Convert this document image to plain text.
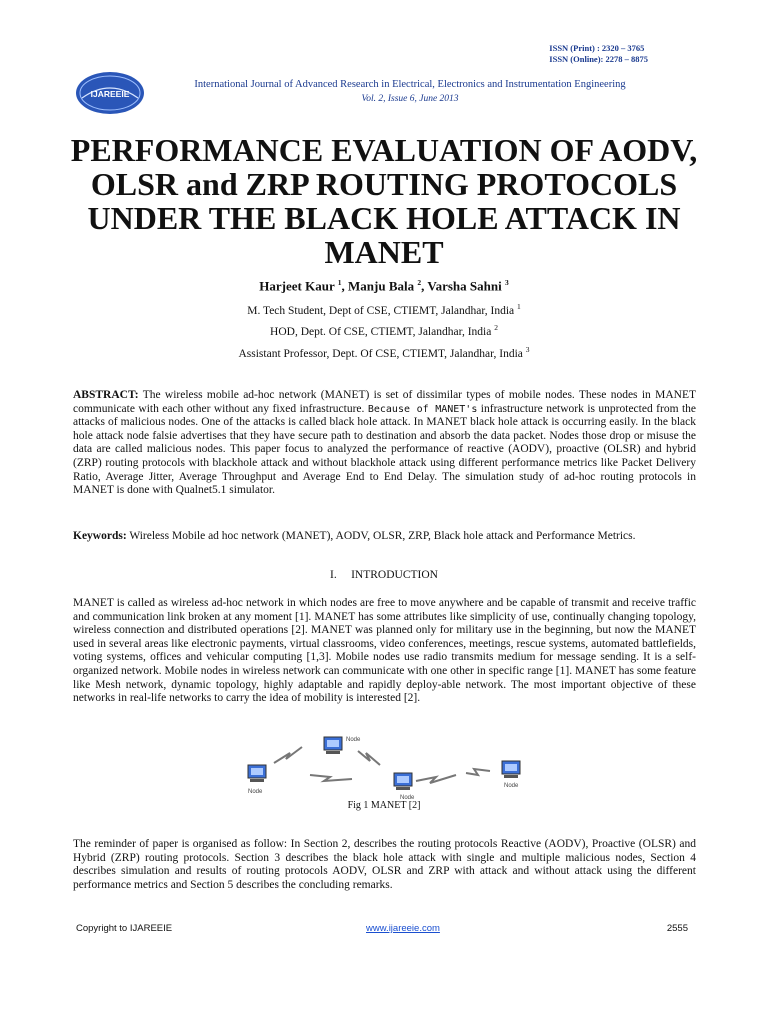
ISSN (Print) : 2320 – 3765
ISSN (Online): 2278 – 8875
IJAREEIE
International Journal of Advanced Research in Electrical, Electronics and Instrumentation Engineering
Vol. 2, Issue 6, June 2013
PERFORMANCE EVALUATION OF AODV, OLSR and ZRP ROUTING PROTOCOLS UNDER THE BLACK HOLE ATTACK IN MANET
Harjeet Kaur $^1$, Manju Bala $^2$, Varsha Sahni $^3$
M. Tech Student, Dept of CSE, CTIEMT, Jalandhar, India $^1$
HOD, Dept. Of CSE, CTIEMT, Jalandhar, India $^2$
Assistant Professor, Dept. Of CSE, CTIEMT, Jalandhar, India $^3$
ABSTRACT: The wireless mobile ad-hoc network (MANET) is set of dissimilar types of mobile nodes. These nodes in MANET communicate with each other without any fixed infrastructure. Because of MANET's infrastructure network is unprotected from the attacks of malicious nodes. One of the attacks is called black hole attack. In MANET black hole attack is occurring easily. In the black hole attack node falsie advertises that they have secure path to destination and absorb the data packet. Nodes those drop or misuse the data are called malicious nodes. This paper focus to analyzed the performance of reactive (AODV), proactive (OLSR) and hybrid (ZRP) routing protocols with blackhole attack and without blackhole attack using different performance metrics like Packet Delivery Ratio, Average Jitter, Average Throughput and Average End to End Delay. The simulation study of ad-hoc routing protocols in MANET is done with Qualnet5.1 simulator.
Keywords: Wireless Mobile ad hoc network (MANET), AODV, OLSR, ZRP, Black hole attack and Performance Metrics.
I. INTRODUCTION
MANET is called as wireless ad-hoc network in which nodes are free to move anywhere and be capable of transmit and receive traffic and communication link broken at any moment [1]. MANET has some attributes like simplicity of use, continually changing topology, wireless connection and distributed operations [2]. MANET was planned only for military use in the beginning, but now the MANET used in several areas like electronic payments, virtual classrooms, video conferences, meetings, rescue systems, automated battlefields, voting systems, offices and vehicular computing [1,3]. Mobile nodes use radio transmits medium for message sending. It is a self-organized network. Mobile nodes in wireless network can communicate with one other in specific range [1]. MANET has some feature like Mesh network, dynamic topology, highly adaptable and rapidly deploy-able network. The most important objective of these networks in real-life networks to carry the idea of mobility is interested [2].
Node
Node
Node
Node
Fig 1 MANET [2]
The reminder of paper is organised as follow: In Section 2, describes the routing protocols Reactive (AODV), Proactive (OLSR) and Hybrid (ZRP) routing protocols. Section 3 describes the black hole attack with single and multiple malicious nodes, Section 4 describes simulation and results of routing protocols AODV, OLSR and ZRP with attack and without attack using the different performance metrics and Section 5 describes the concluding remarks.
Copyright to IJAREEIE	www.ijareeie.com	2555
